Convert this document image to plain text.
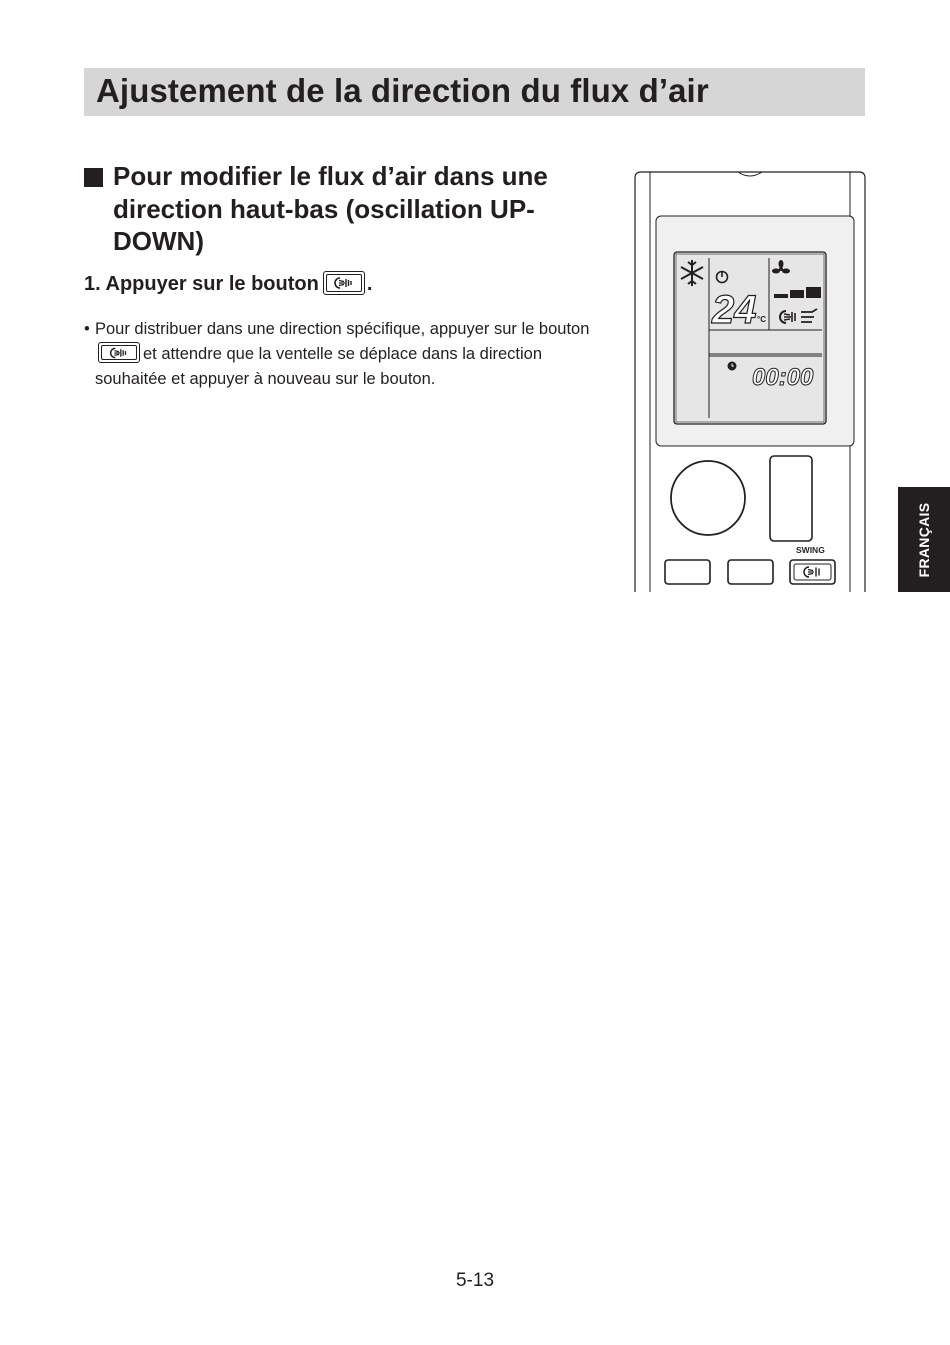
Ajustement de la direction du flux d’air
Pour modifier le flux d’air dans une direction haut-bas (oscillation UP-DOWN)
1. Appuyer sur le bouton .
• Pour distribuer dans une direction spécifique, appuyer sur le bouton
et attendre que la ventelle se déplace dans la direction souhaitée et appuyer à nouveau sur le bouton.
24 °C
00:00
SWING	FRANÇAIS
5-13
